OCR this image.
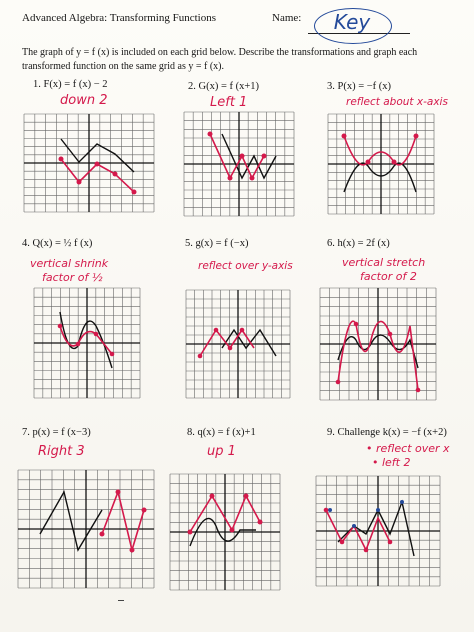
Advanced Algebra: Transforming Functions	Name:	Key
The graph of y = f (x) is included on each grid below. Describe the transformations and graph each
transformed function on the same grid as y = f (x).
1. F(x) = f (x) − 2	2. G(x) = f (x+1)	3. P(x) = −f (x)
4. Q(x) = ½ f (x)	5. g(x) = f (−x)	6. h(x) = 2f (x)
7. p(x) = f (x−3)	8. q(x) = f (x)+1	9. Challenge k(x) = −f (x+2)
down 2	Left 1	reflect about x-axis
vertical shrink
factor of ½
reflect over y-axis	vertical stretch
factor of 2
Right 3	up 1	• reflect over x
• left 2
